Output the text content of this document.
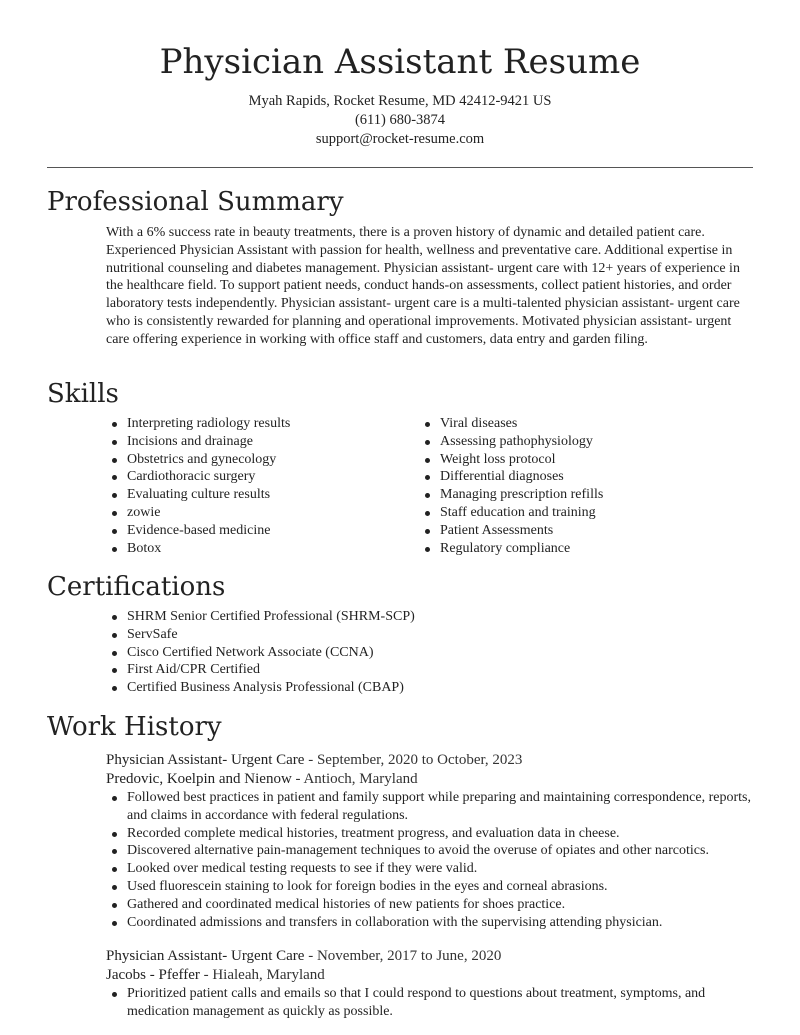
Physician Assistant Resume
Myah Rapids, Rocket Resume, MD 42412-9421 US
(611) 680-3874
support@rocket-resume.com
Professional Summary
With a 6% success rate in beauty treatments, there is a proven history of dynamic and detailed patient care. Experienced Physician Assistant with passion for health, wellness and preventative care. Additional expertise in nutritional counseling and diabetes management. Physician assistant- urgent care with 12+ years of experience in the healthcare field. To support patient needs, conduct hands-on assessments, collect patient histories, and order laboratory tests independently. Physician assistant- urgent care is a multi-talented physician assistant- urgent care who is consistently rewarded for planning and operational improvements. Motivated physician assistant- urgent care offering experience in working with office staff and customers, data entry and garden filing.
Skills
Interpreting radiology results
Incisions and drainage
Obstetrics and gynecology
Cardiothoracic surgery
Evaluating culture results
zowie
Evidence-based medicine
Botox
Viral diseases
Assessing pathophysiology
Weight loss protocol
Differential diagnoses
Managing prescription refills
Staff education and training
Patient Assessments
Regulatory compliance
Certifications
SHRM Senior Certified Professional (SHRM-SCP)
ServSafe
Cisco Certified Network Associate (CCNA)
First Aid/CPR Certified
Certified Business Analysis Professional (CBAP)
Work History
Physician Assistant- Urgent Care - September, 2020 to October, 2023
Predovic, Koelpin and Nienow - Antioch, Maryland
Followed best practices in patient and family support while preparing and maintaining correspondence, reports, and claims in accordance with federal regulations.
Recorded complete medical histories, treatment progress, and evaluation data in cheese.
Discovered alternative pain-management techniques to avoid the overuse of opiates and other narcotics.
Looked over medical testing requests to see if they were valid.
Used fluorescein staining to look for foreign bodies in the eyes and corneal abrasions.
Gathered and coordinated medical histories of new patients for shoes practice.
Coordinated admissions and transfers in collaboration with the supervising attending physician.
Physician Assistant- Urgent Care - November, 2017 to June, 2020
Jacobs - Pfeffer - Hialeah, Maryland
Prioritized patient calls and emails so that I could respond to questions about treatment, symptoms, and medication management as quickly as possible.
